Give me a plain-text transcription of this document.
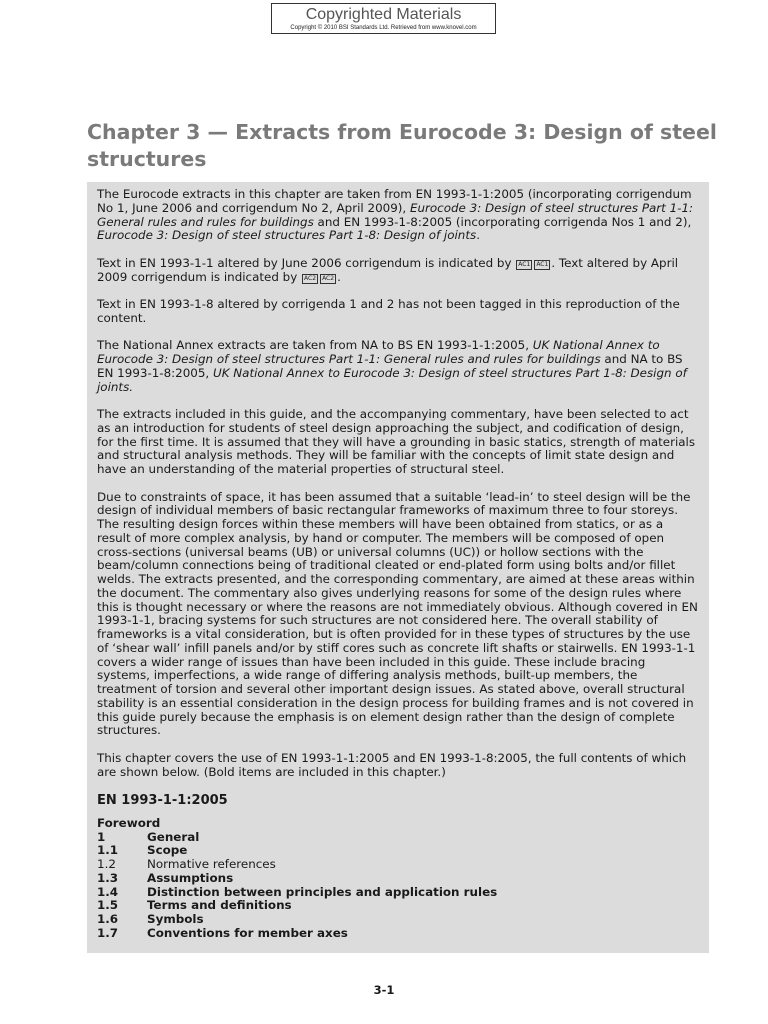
Copyrighted Materials
Copyright © 2010 BSI Standards Ltd. Retrieved from www.knovel.com
Chapter 3 — Extracts from Eurocode 3: Design of steel structures

The Eurocode extracts in this chapter are taken from EN 1993-1-1:2005 (incorporating corrigendum No 1, June 2006 and corrigendum No 2, April 2009), Eurocode 3: Design of steel structures Part 1-1: General rules and rules for buildings and EN 1993-1-8:2005 (incorporating corrigenda Nos 1 and 2), Eurocode 3: Design of steel structures Part 1-8: Design of joints.

Text in EN 1993-1-1 altered by June 2006 corrigendum is indicated by AC1 AC1 . Text altered by April 2009 corrigendum is indicated by AC2 AC2 .

Text in EN 1993-1-8 altered by corrigenda 1 and 2 has not been tagged in this reproduction of the content.

The National Annex extracts are taken from NA to BS EN 1993-1-1:2005, UK National Annex to Eurocode 3: Design of steel structures Part 1-1: General rules and rules for buildings and NA to BS EN 1993-1-8:2005, UK National Annex to Eurocode 3: Design of steel structures Part 1-8: Design of joints.

The extracts included in this guide, and the accompanying commentary, have been selected to act as an introduction for students of steel design approaching the subject, and codification of design, for the first time. It is assumed that they will have a grounding in basic statics, strength of materials and structural analysis methods. They will be familiar with the concepts of limit state design and have an understanding of the material properties of structural steel.

Due to constraints of space, it has been assumed that a suitable ‘lead-in’ to steel design will be the design of individual members of basic rectangular frameworks of maximum three to four storeys. The resulting design forces within these members will have been obtained from statics, or as a result of more complex analysis, by hand or computer. The members will be composed of open cross-sections (universal beams (UB) or universal columns (UC)) or hollow sections with the beam/column connections being of traditional cleated or end-plated form using bolts and/or fillet welds. The extracts presented, and the corresponding commentary, are aimed at these areas within the document. The commentary also gives underlying reasons for some of the design rules where this is thought necessary or where the reasons are not immediately obvious. Although covered in EN 1993-1-1, bracing systems for such structures are not considered here. The overall stability of frameworks is a vital consideration, but is often provided for in these types of structures by the use of ‘shear wall’ infill panels and/or by stiff cores such as concrete lift shafts or stairwells. EN 1993-1-1 covers a wider range of issues than have been included in this guide. These include bracing systems, imperfections, a wide range of differing analysis methods, built-up members, the treatment of torsion and several other important design issues. As stated above, overall structural stability is an essential consideration in the design process for building frames and is not covered in this guide purely because the emphasis is on element design rather than the design of complete structures.

This chapter covers the use of EN 1993-1-1:2005 and EN 1993-1-8:2005, the full contents of which are shown below. (Bold items are included in this chapter.)

EN 1993-1-1:2005
Foreword
1	General
1.1	Scope
1.2	Normative references
1.3	Assumptions
1.4	Distinction between principles and application rules
1.5	Terms and definitions
1.6	Symbols
1.7	Conventions for member axes
3-1
